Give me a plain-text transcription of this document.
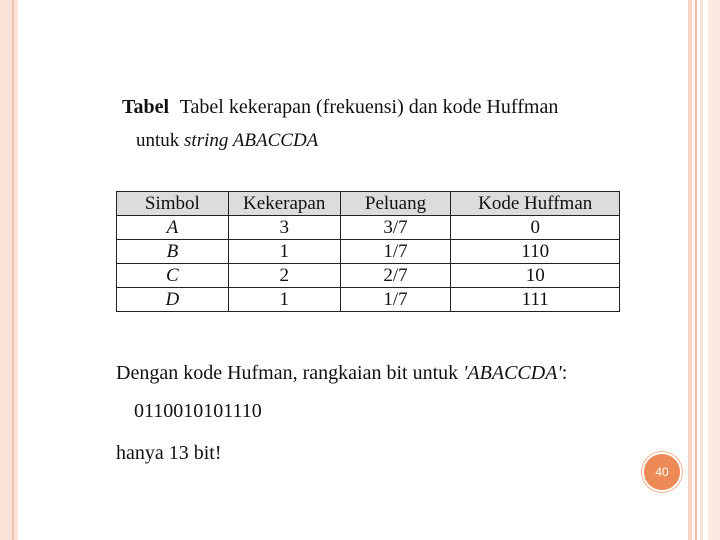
Tabel Tabel kekerapan (frekuensi) dan kode Huffman
untuk string ABACCDA
Simbol	Kekerapan	Peluang	Kode Huffman
A	3	3/7	0
B	1	1/7	110
C	2	2/7	10
D	1	1/7	111
Dengan kode Hufman, rangkaian bit untuk 'ABACCDA':
0110010101110
hanya 13 bit!
40
